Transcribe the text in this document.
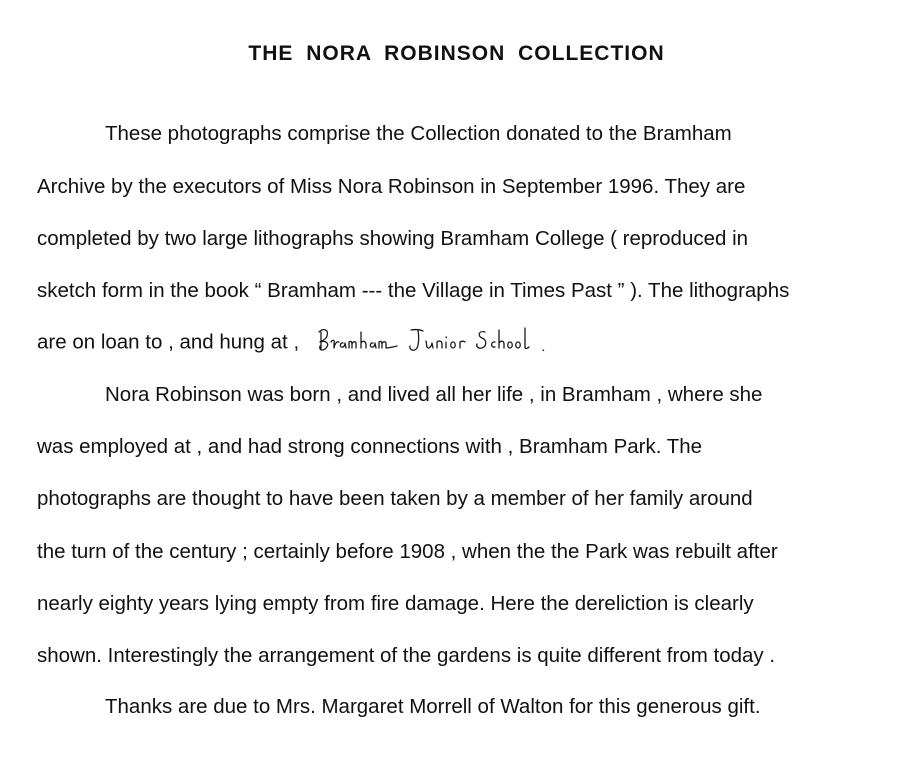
THE NORA ROBINSON COLLECTION
These photographs comprise the Collection donated to the Bramham
Archive by the executors of Miss Nora Robinson in September 1996. They are
completed by two large lithographs showing Bramham College ( reproduced in
sketch form in the book “ Bramham --- the Village in Times Past ” ). The lithographs
are on loan to , and hung at ,
Nora Robinson was born , and lived all her life , in Bramham , where she
was employed at , and had strong connections with , Bramham Park. The
photographs are thought to have been taken by a member of her family around
the turn of the century ; certainly before 1908 , when the the Park was rebuilt after
nearly eighty years lying empty from fire damage. Here the dereliction is clearly
shown. Interestingly the arrangement of the gardens is quite different from today .
Thanks are due to Mrs. Margaret Morrell of Walton for this generous gift.
